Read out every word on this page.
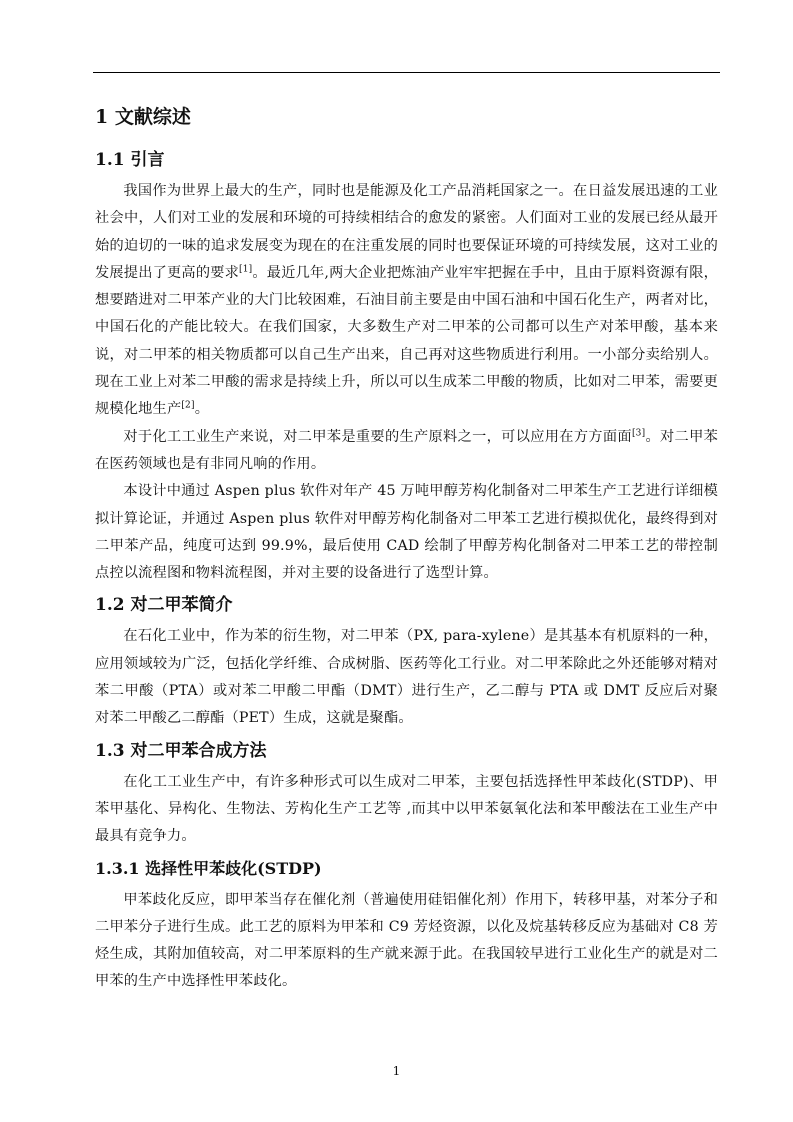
1 文献综述
1.1 引言

我国作为世界上最大的生产，同时也是能源及化工产品消耗国家之一。在日益发展迅速的工业社会中，人们对工业的发展和环境的可持续相结合的愈发的紧密。人们面对工业的发展已经从最开始的迫切的一味的追求发展变为现在的在注重发展的同时也要保证环境的可持续发展，这对工业的发展提出了更高的要求[1]。最近几年,两大企业把炼油产业牢牢把握在手中，且由于原料资源有限，想要踏进对二甲苯产业的大门比较困难，石油目前主要是由中国石油和中国石化生产，两者对比，中国石化的产能比较大。在我们国家，大多数生产对二甲苯的公司都可以生产对苯甲酸，基本来说，对二甲苯的相关物质都可以自己生产出来，自己再对这些物质进行利用。一小部分卖给别人。现在工业上对苯二甲酸的需求是持续上升，所以可以生成苯二甲酸的物质，比如对二甲苯，需要更规模化地生产[2]。

对于化工工业生产来说，对二甲苯是重要的生产原料之一，可以应用在方方面面[3]。对二甲苯在医药领域也是有非同凡响的作用。

本设计中通过 Aspen plus 软件对年产 45 万吨甲醇芳构化制备对二甲苯生产工艺进行详细模拟计算论证，并通过 Aspen plus 软件对甲醇芳构化制备对二甲苯工艺进行模拟优化，最终得到对二甲苯产品，纯度可达到 99.9%，最后使用 CAD 绘制了甲醇芳构化制备对二甲苯工艺的带控制点控以流程图和物料流程图，并对主要的设备进行了选型计算。

1.2 对二甲苯简介

在石化工业中，作为苯的衍生物，对二甲苯（PX, para-xylene）是其基本有机原料的一种，应用领域较为广泛，包括化学纤维、合成树脂、医药等化工行业。对二甲苯除此之外还能够对精对苯二甲酸（PTA）或对苯二甲酸二甲酯（DMT）进行生产，乙二醇与 PTA 或 DMT 反应后对聚对苯二甲酸乙二醇酯（PET）生成，这就是聚酯。

1.3 对二甲苯合成方法

在化工工业生产中，有许多种形式可以生成对二甲苯，主要包括选择性甲苯歧化(STDP)、甲苯甲基化、异构化、生物法、芳构化生产工艺等 ,而其中以甲苯氨氧化法和苯甲酸法在工业生产中最具有竞争力。

1.3.1 选择性甲苯歧化(STDP)

甲苯歧化反应，即甲苯当存在催化剂（普遍使用硅铝催化剂）作用下，转移甲基，对苯分子和二甲苯分子进行生成。此工艺的原料为甲苯和 C9 芳烃资源，以化及烷基转移反应为基础对 C8 芳烃生成，其附加值较高，对二甲苯原料的生产就来源于此。在我国较早进行工业化生产的就是对二甲苯的生产中选择性甲苯歧化。

1
